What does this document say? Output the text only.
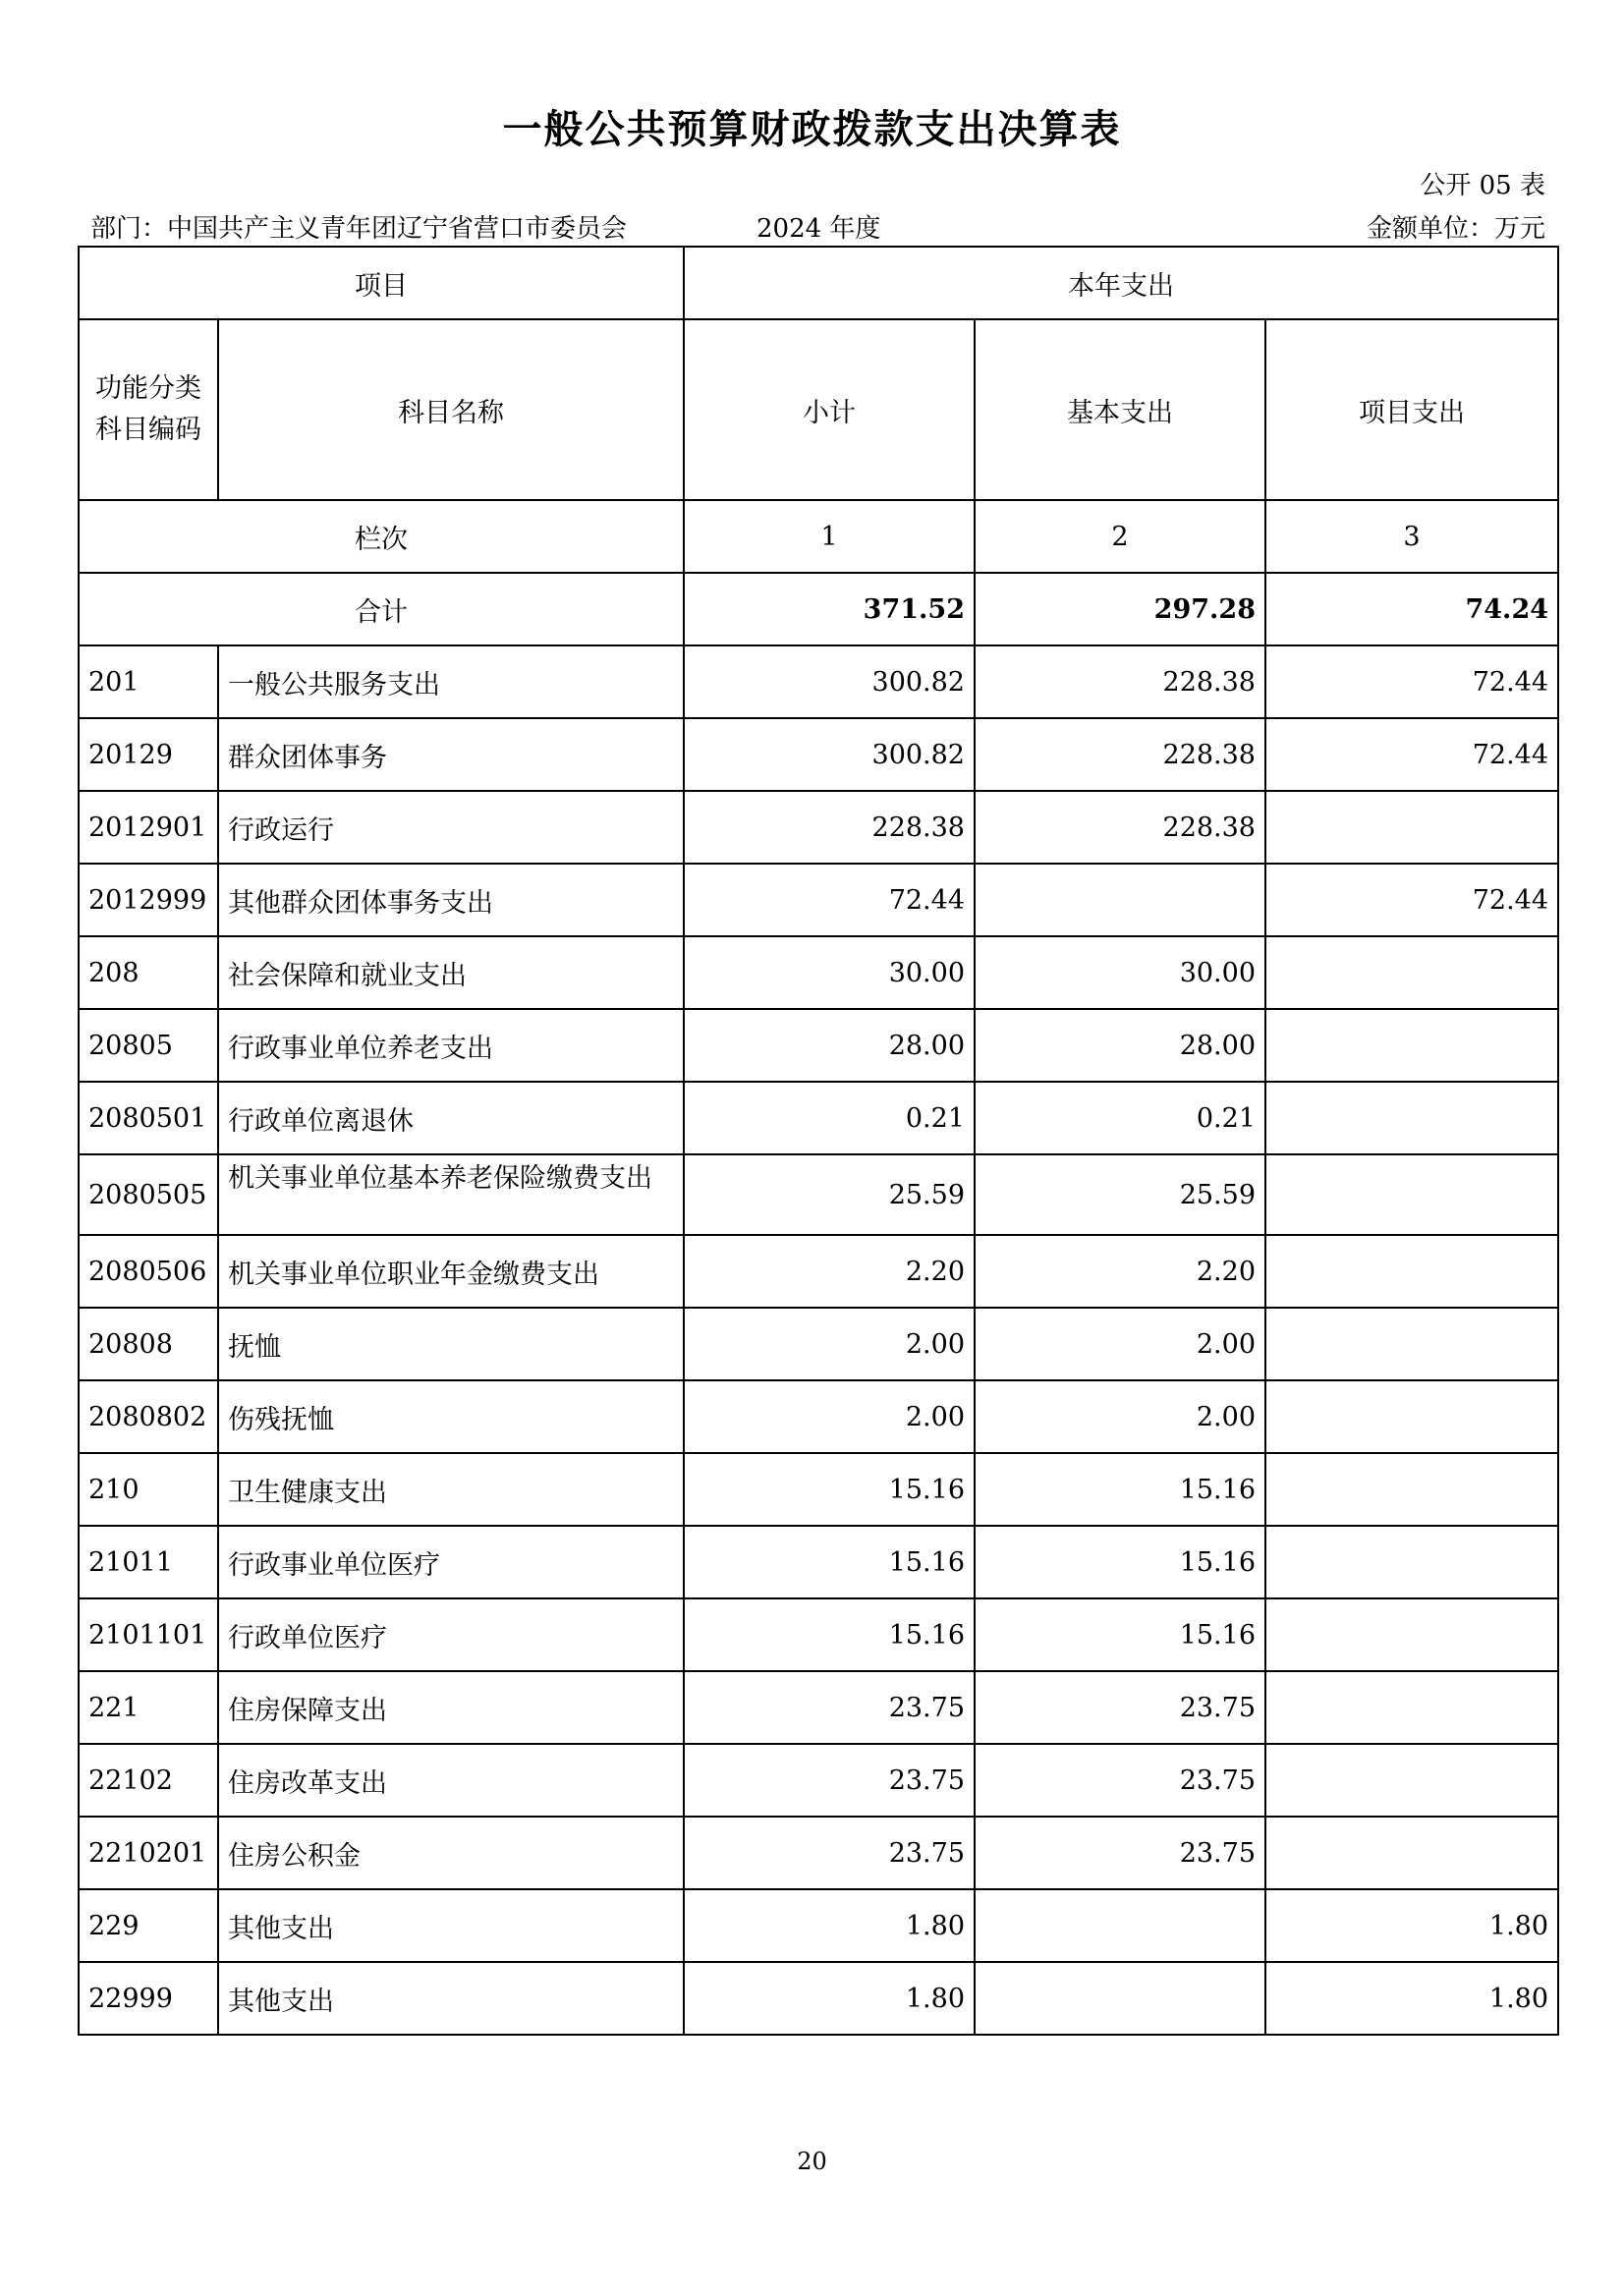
一般公共预算财政拨款支出决算表
公开 05 表
部门：中国共产主义青年团辽宁省营口市委员会	2024 年度	金额单位：万元
项目		本年支出		
功能分类
科目编码	科目名称	小计	基本支出	项目支出
栏次		1	2	3
合计		371.52	297.28	74.24
201	一般公共服务支出	300.82	228.38	72.44
20129	群众团体事务	300.82	228.38	72.44
2012901	行政运行	228.38	228.38	
2012999	其他群众团体事务支出	72.44		72.44
208	社会保障和就业支出	30.00	30.00	
20805	行政事业单位养老支出	28.00	28.00	
2080501	行政单位离退休	0.21	0.21	
2080505	机关事业单位基本养老保险缴费支出	25.59	25.59	
2080506	机关事业单位职业年金缴费支出	2.20	2.20	
20808	抚恤	2.00	2.00	
2080802	伤残抚恤	2.00	2.00	
210	卫生健康支出	15.16	15.16	
21011	行政事业单位医疗	15.16	15.16	
2101101	行政单位医疗	15.16	15.16	
221	住房保障支出	23.75	23.75	
22102	住房改革支出	23.75	23.75	
2210201	住房公积金	23.75	23.75	
229	其他支出	1.80		1.80
22999	其他支出	1.80		1.80
20
